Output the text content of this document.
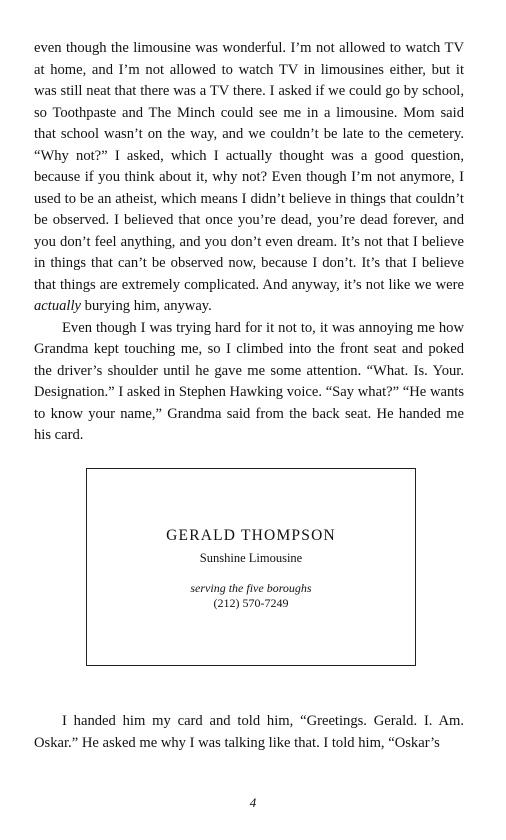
even though the limousine was wonderful. I’m not allowed to watch TV at home, and I’m not allowed to watch TV in limousines either, but it was still neat that there was a TV there. I asked if we could go by school, so Toothpaste and The Minch could see me in a limousine. Mom said that school wasn’t on the way, and we couldn’t be late to the cemetery. “Why not?” I asked, which I actually thought was a good question, because if you think about it, why not? Even though I’m not anymore, I used to be an atheist, which means I didn’t believe in things that couldn’t be observed. I believed that once you’re dead, you’re dead forever, and you don’t feel anything, and you don’t even dream. It’s not that I believe in things that can’t be observed now, because I don’t. It’s that I believe that things are extremely complicated. And anyway, it’s not like we were actually burying him, anyway.

Even though I was trying hard for it not to, it was annoying me how Grandma kept touching me, so I climbed into the front seat and poked the driver’s shoulder until he gave me some attention. “What. Is. Your. Designation.” I asked in Stephen Hawking voice. “Say what?” “He wants to know your name,” Grandma said from the back seat. He handed me his card.

GERALD THOMPSON
Sunshine Limousine
serving the five boroughs
(212) 570-7249

I handed him my card and told him, “Greetings. Gerald. I. Am. Oskar.” He asked me why I was talking like that. I told him, “Oskar’s

4
